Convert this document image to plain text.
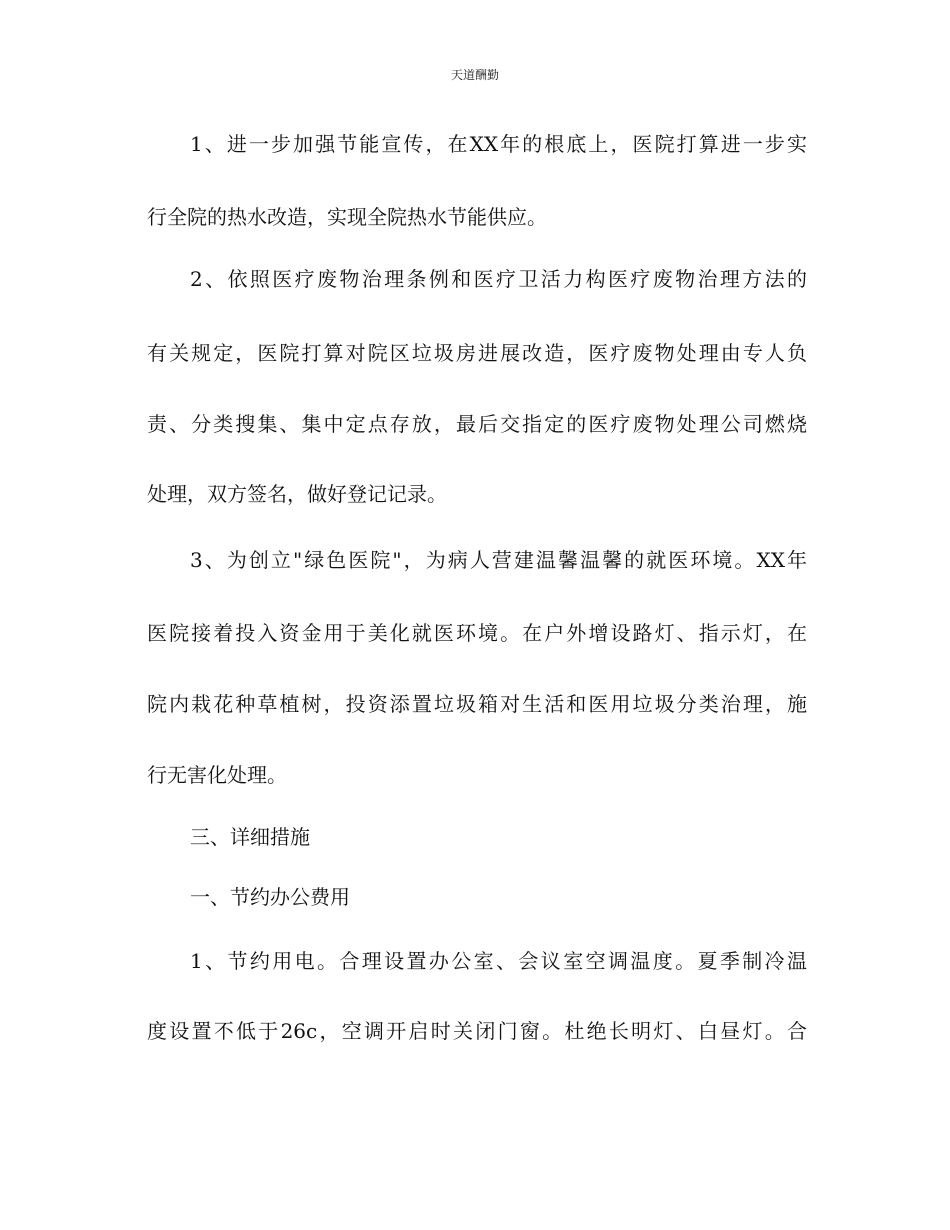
天道酬勤
1、进一步加强节能宣传，在XX年的根底上，医院打算进一步实
行全院的热水改造，实现全院热水节能供应。
2、依照医疗废物治理条例和医疗卫活力构医疗废物治理方法的
有关规定，医院打算对院区垃圾房进展改造，医疗废物处理由专人负
责、分类搜集、集中定点存放，最后交指定的医疗废物处理公司燃烧
处理，双方签名，做好登记记录。
3、为创立"绿色医院"，为病人营建温馨温馨的就医环境。XX年
医院接着投入资金用于美化就医环境。在户外增设路灯、指示灯，在
院内栽花种草植树，投资添置垃圾箱对生活和医用垃圾分类治理，施
行无害化处理。
三、详细措施
一、节约办公费用
1、节约用电。合理设置办公室、会议室空调温度。夏季制冷温
度设置不低于26c，空调开启时关闭门窗。杜绝长明灯、白昼灯。合
